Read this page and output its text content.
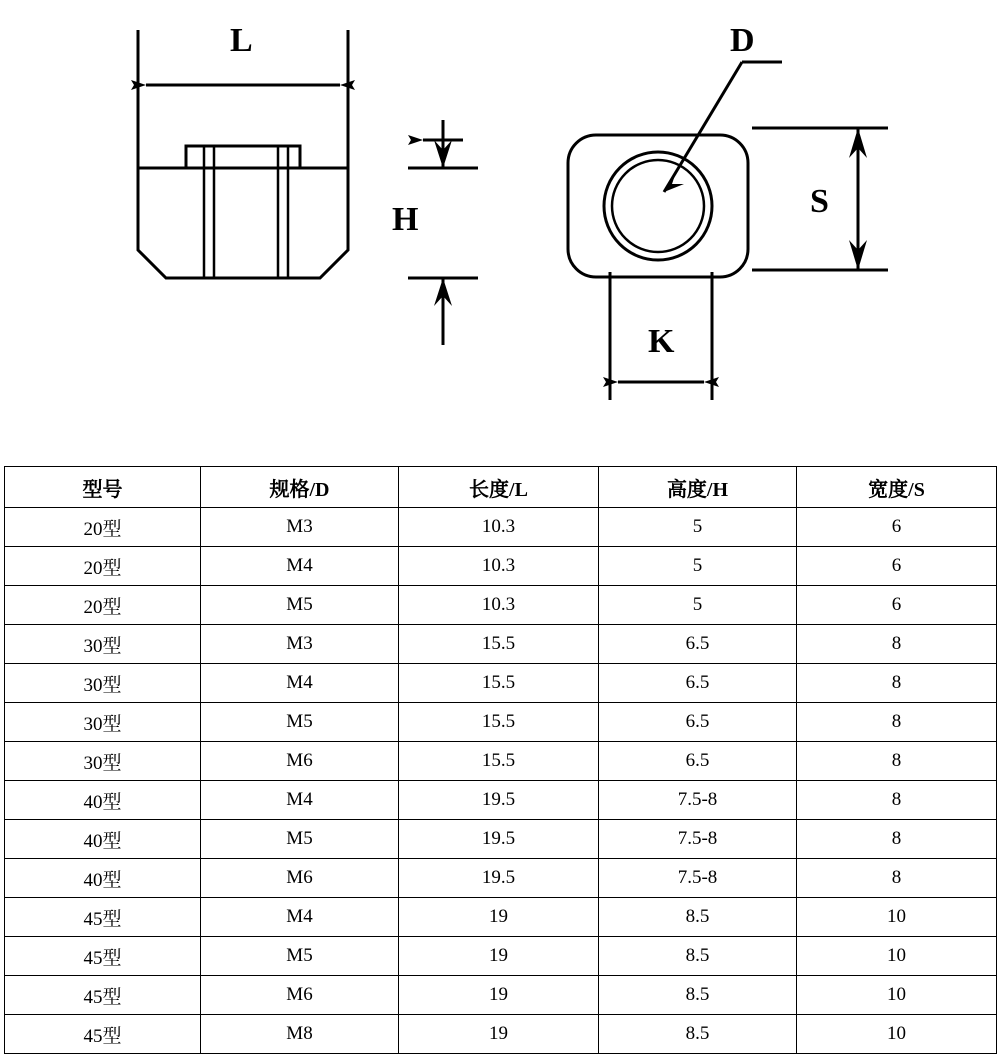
L
H
D
S
K
型号	规格/D	长度/L	高度/H	宽度/S
20型	M3	10.3	5	6
20型	M4	10.3	5	6
20型	M5	10.3	5	6
30型	M3	15.5	6.5	8
30型	M4	15.5	6.5	8
30型	M5	15.5	6.5	8
30型	M6	15.5	6.5	8
40型	M4	19.5	7.5-8	8
40型	M5	19.5	7.5-8	8
40型	M6	19.5	7.5-8	8
45型	M4	19	8.5	10
45型	M5	19	8.5	10
45型	M6	19	8.5	10
45型	M8	19	8.5	10
